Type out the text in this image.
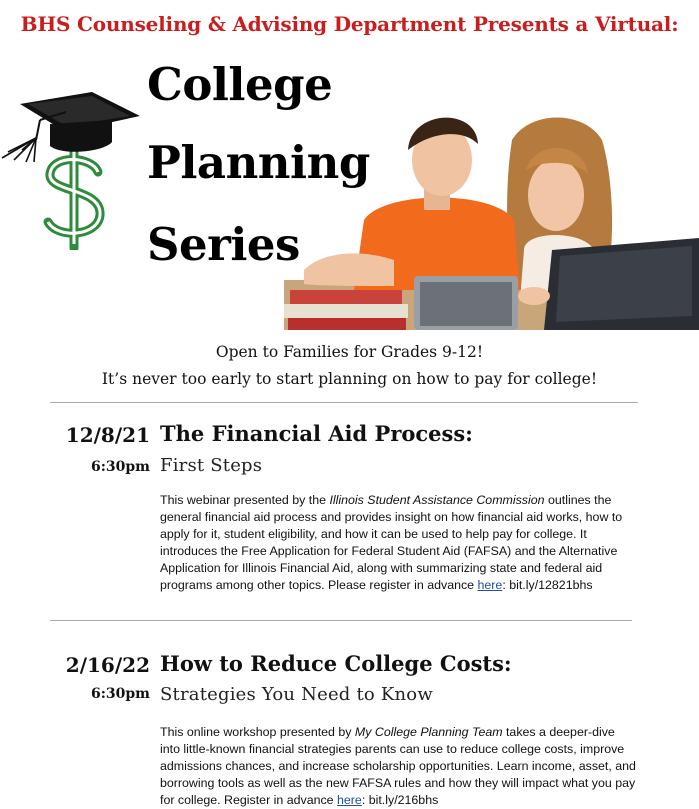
BHS Counseling & Advising Department Presents a Virtual:
College
Planning
Series
Open to Families for Grades 9-12!
It’s never too early to start planning on how to pay for college!
12/8/21
6:30pm
The Financial Aid Process:
First Steps
This webinar presented by the Illinois Student Assistance Commission outlines the general financial aid process and provides insight on how financial aid works, how to apply for it, student eligibility, and how it can be used to help pay for college. It introduces the Free Application for Federal Student Aid (FAFSA) and the Alternative Application for Illinois Financial Aid, along with summarizing state and federal aid programs among other topics. Please register in advance here: bit.ly/12821bhs
2/16/22
6:30pm
How to Reduce College Costs:
Strategies You Need to Know
This online workshop presented by My College Planning Team takes a deeper-dive into little-known financial strategies parents can use to reduce college costs, improve admissions chances, and increase scholarship opportunities. Learn income, asset, and borrowing tools as well as the new FAFSA rules and how they will impact what you pay for college. Register in advance here: bit.ly/216bhs
